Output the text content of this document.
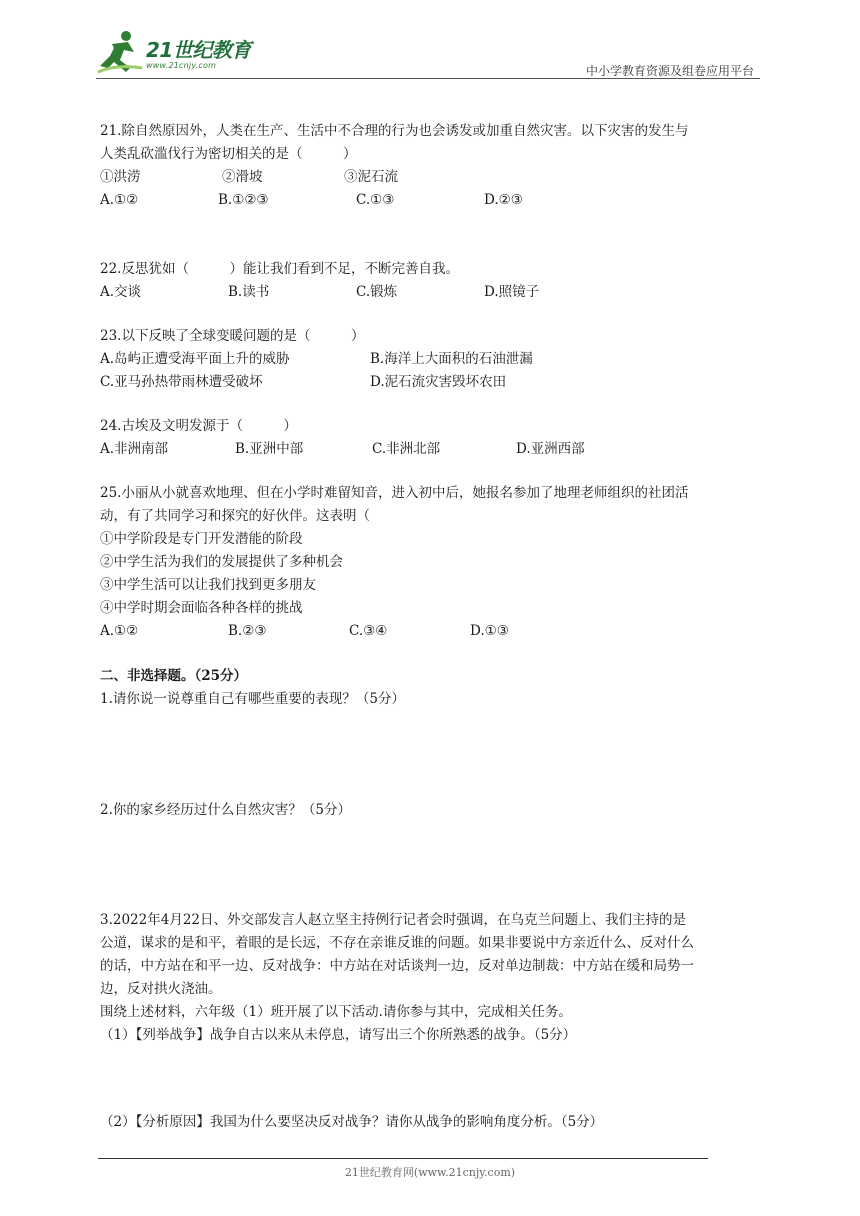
21世纪教育
www.21cnjy.com	中小学教育资源及组卷应用平台

21.除自然原因外，人类在生产、生活中不合理的行为也会诱发或加重自然灾害。以下灾害的发生与

人类乱砍滥伐行为密切相关的是（　　　）

①洪涝	②滑坡	③泥石流
A.①②	B.①②③	C.①③	D.②③

22.反思犹如（　　　）能让我们看到不足，不断完善自我。

A.交谈	B.读书	C.锻炼	D.照镜子

23.以下反映了全球变暖问题的是（　　　）

A.岛屿正遭受海平面上升的威胁	B.海洋上大面积的石油泄漏
C.亚马孙热带雨林遭受破坏	D.泥石流灾害毁坏农田

24.古埃及文明发源于（　　　）

A.非洲南部	B.亚洲中部	C.非洲北部	D.亚洲西部

25.小丽从小就喜欢地理、但在小学时难留知音，进入初中后，她报名参加了地理老师组织的社团活

动，有了共同学习和探究的好伙伴。这表明（

①中学阶段是专门开发潜能的阶段

②中学生活为我们的发展提供了多种机会

③中学生活可以让我们找到更多朋友

④中学时期会面临各种各样的挑战

A.①②	B.②③	C.③④	D.①③

二、非选择题。（25分）

1.请你说一说尊重自己有哪些重要的表现？（5分）

2.你的家乡经历过什么自然灾害？（5分）

3.2022年4月22日、外交部发言人赵立坚主持例行记者会时强调，在乌克兰问题上、我们主持的是

公道，谋求的是和平，着眼的是长远，不存在亲谁反谁的问题。如果非要说中方亲近什么、反对什么

的话，中方站在和平一边、反对战争：中方站在对话谈判一边，反对单边制裁：中方站在缓和局势一

边，反对拱火浇油。

围绕上述材料，六年级（1）班开展了以下活动.请你参与其中，完成相关任务。

（1）【列举战争】战争自古以来从未停息，请写出三个你所熟悉的战争。（5分）

（2）【分析原因】我国为什么要坚决反对战争？请你从战争的影响角度分析。（5分）

21世纪教育网(www.21cnjy.com)
